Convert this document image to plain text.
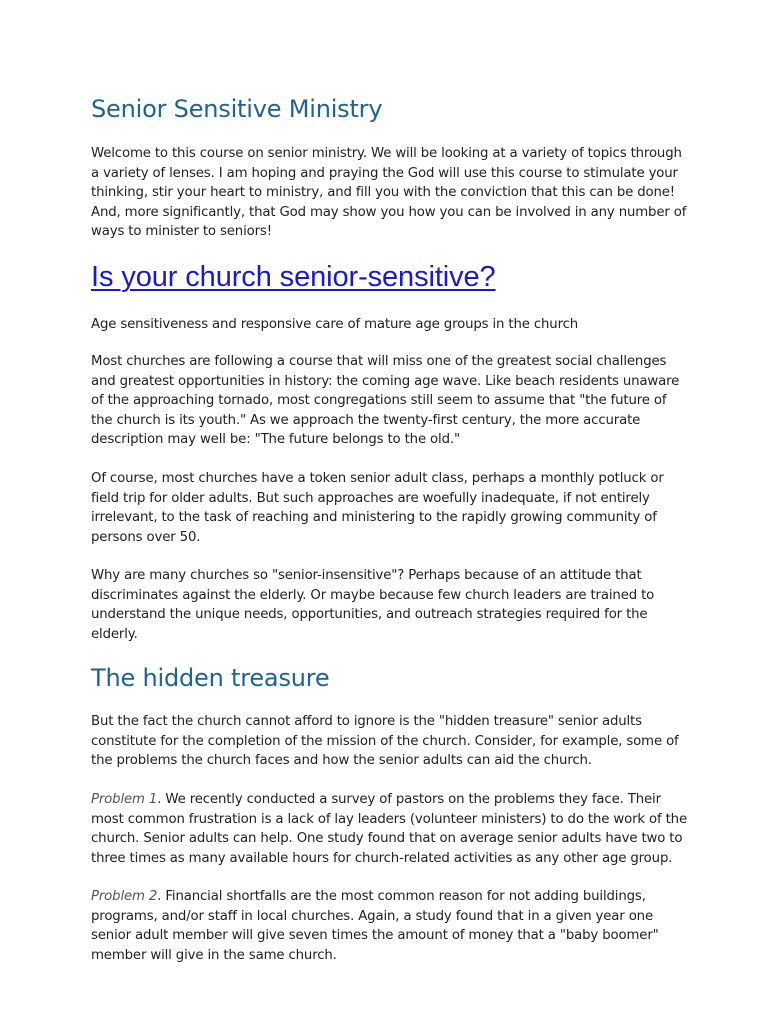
Senior Sensitive Ministry

Welcome to this course on senior ministry. We will be looking at a variety of topics through a variety of lenses. I am hoping and praying the God will use this course to stimulate your thinking, stir your heart to ministry, and fill you with the conviction that this can be done! And, more significantly, that God may show you how you can be involved in any number of ways to minister to seniors!

Is your church senior-sensitive?

Age sensitiveness and responsive care of mature age groups in the church

Most churches are following a course that will miss one of the greatest social challenges and greatest opportunities in history: the coming age wave. Like beach residents unaware of the approaching tornado, most congregations still seem to assume that "the future of the church is its youth." As we approach the twenty-first century, the more accurate description may well be: "The future belongs to the old."

Of course, most churches have a token senior adult class, perhaps a monthly potluck or field trip for older adults. But such approaches are woefully inadequate, if not entirely irrelevant, to the task of reaching and ministering to the rapidly growing community of persons over 50.

Why are many churches so "senior-insensitive"? Perhaps because of an attitude that discriminates against the elderly. Or maybe because few church leaders are trained to understand the unique needs, opportunities, and outreach strategies required for the elderly.

The hidden treasure

But the fact the church cannot afford to ignore is the "hidden treasure" senior adults constitute for the completion of the mission of the church. Consider, for example, some of the problems the church faces and how the senior adults can aid the church.

Problem 1. We recently conducted a survey of pastors on the problems they face. Their most common frustration is a lack of lay leaders (volunteer ministers) to do the work of the church. Senior adults can help. One study found that on average senior adults have two to three times as many available hours for church-related activities as any other age group.

Problem 2. Financial shortfalls are the most common reason for not adding buildings, programs, and/or staff in local churches. Again, a study found that in a given year one senior adult member will give seven times the amount of money that a "baby boomer" member will give in the same church.
